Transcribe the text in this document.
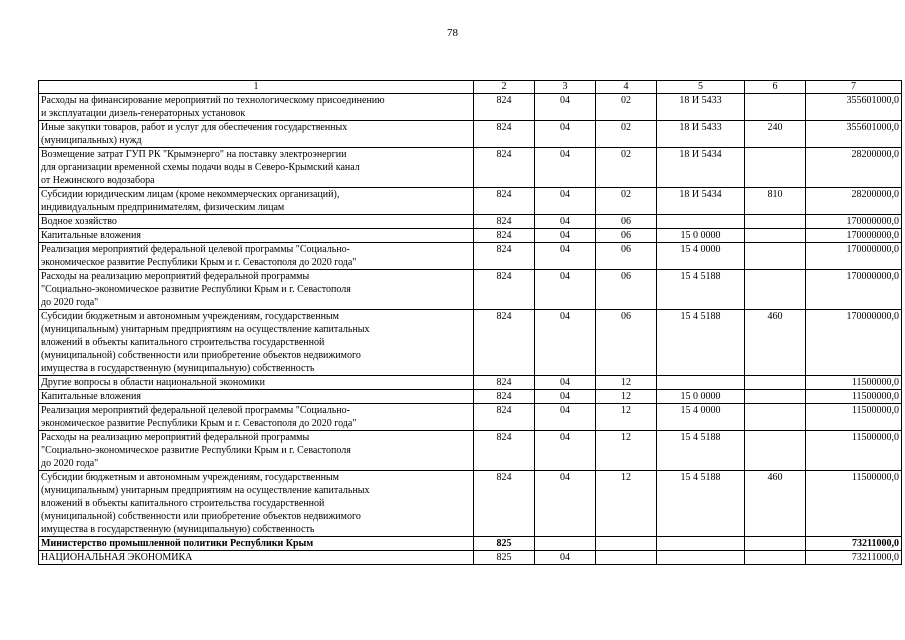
78
1	2	3	4	5	6	7
Расходы на финансирование мероприятий по технологическому присоединению
и эксплуатации дизель-генераторных установок	824	04	02	18 И 5433		355601000,0
Иные закупки товаров, работ и услуг для обеспечения государственных
(муниципальных) нужд	824	04	02	18 И 5433	240	355601000,0
Возмещение затрат ГУП РК "Крымэнерго" на поставку электроэнергии
для организации временной схемы подачи воды в Северо-Крымский канал
от Нежинского водозабора	824	04	02	18 И 5434		28200000,0
Субсидии юридическим лицам (кроме некоммерческих организаций),
индивидуальным предпринимателям, физическим лицам	824	04	02	18 И 5434	810	28200000,0
Водное хозяйство	824	04	06			170000000,0
Капитальные вложения	824	04	06	15 0 0000		170000000,0
Реализация мероприятий федеральной целевой программы "Социально-
экономическое развитие Республики Крым и г. Севастополя до 2020 года"	824	04	06	15 4 0000		170000000,0
Расходы на реализацию мероприятий федеральной программы
"Социально-экономическое развитие Республики Крым и г. Севастополя
до 2020 года"	824	04	06	15 4 5188		170000000,0
Субсидии бюджетным и автономным учреждениям, государственным
(муниципальным) унитарным предприятиям на осуществление капитальных
вложений в объекты капитального строительства государственной
(муниципальной) собственности или приобретение объектов недвижимого
имущества в государственную (муниципальную) собственность	824	04	06	15 4 5188	460	170000000,0
Другие вопросы в области национальной экономики	824	04	12			11500000,0
Капитальные вложения	824	04	12	15 0 0000		11500000,0
Реализация мероприятий федеральной целевой программы "Социально-
экономическое развитие Республики Крым и г. Севастополя до 2020 года"	824	04	12	15 4 0000		11500000,0
Расходы на реализацию мероприятий федеральной программы
"Социально-экономическое развитие Республики Крым и г. Севастополя
до 2020 года"	824	04	12	15 4 5188		11500000,0
Субсидии бюджетным и автономным учреждениям, государственным
(муниципальным) унитарным предприятиям на осуществление капитальных
вложений в объекты капитального строительства государственной
(муниципальной) собственности или приобретение объектов недвижимого
имущества в государственную (муниципальную) собственность	824	04	12	15 4 5188	460	11500000,0
Министерство промышленной политики Республики Крым	825					73211000,0
НАЦИОНАЛЬНАЯ ЭКОНОМИКА	825	04				73211000,0
